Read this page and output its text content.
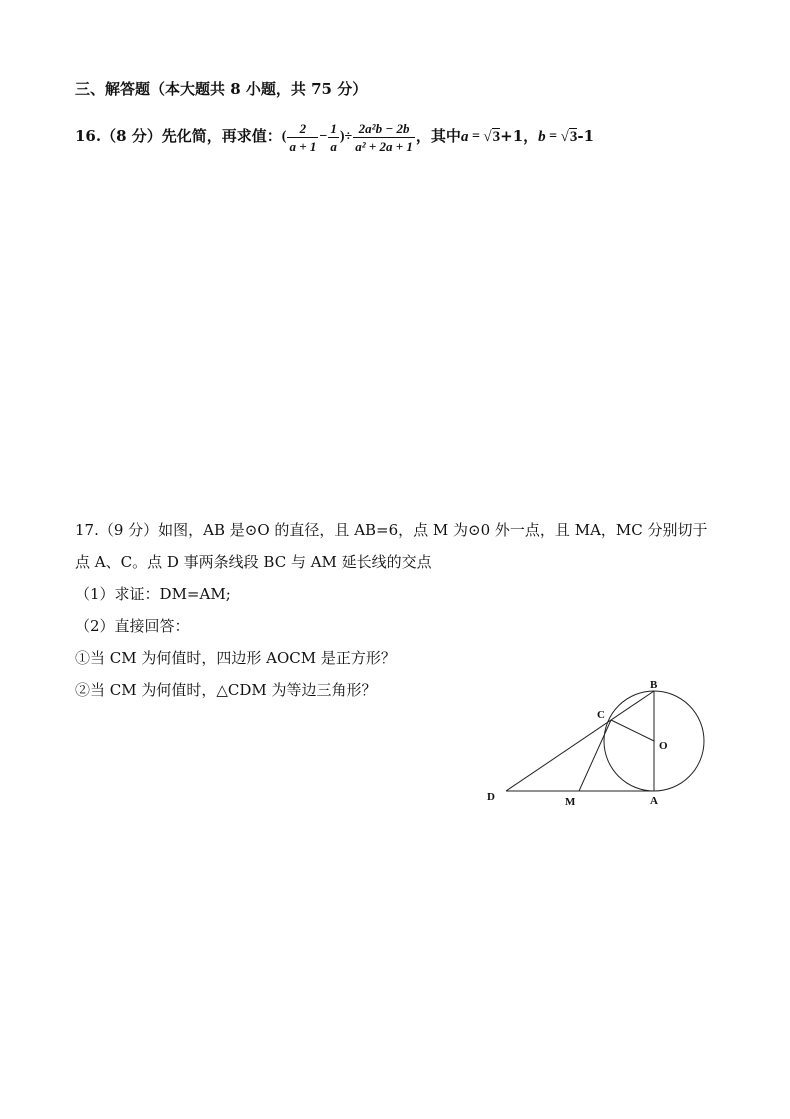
三、解答题（本大题共 8 小题，共 75 分）
16.（8 分）先化简，再求值：( $\frac{2}{a + 1} - \frac{1}{a}$ )÷ $\frac{\text{2a²b − 2b}}{\text{a² + 2a + 1}}$ ，其中a = √3+1，b = √3-1
17.（9 分）如图，AB 是⊙O 的直径，且 AB=6，点 M 为⊙0 外一点，且 MA，MC 分别切于
点 A、C。点 D 事两条线段 BC 与 AM 延长线的交点
（1）求证：DM=AM;
（2）直接回答：
①当 CM 为何值时，四边形 AOCM 是正方形？
②当 CM 为何值时，△CDM 为等边三角形？	B
C
O
D	M	A
